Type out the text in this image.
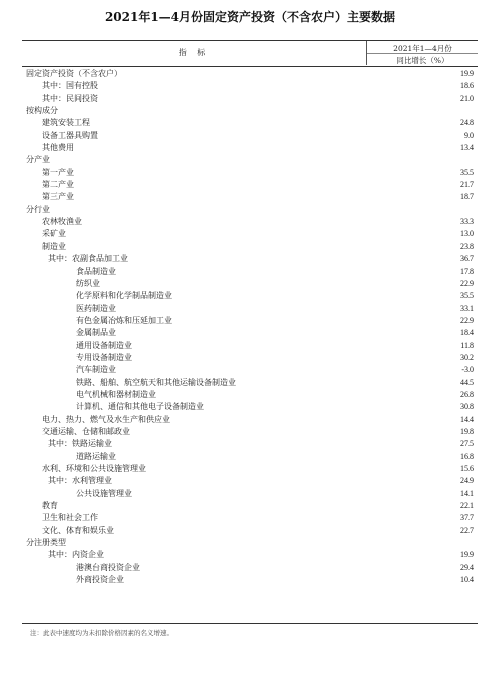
2021年1—4月份固定资产投资（不含农户）主要数据
指 标	2021年1—4月份
同比增长（%）
固定资产投资（不含农户）	19.9
其中：国有控股	18.6
其中：民间投资	21.0
按构成分
建筑安装工程	24.8
设备工器具购置	9.0
其他费用	13.4
分产业
第一产业	35.5
第二产业	21.7
第三产业	18.7
分行业
农林牧渔业	33.3
采矿业	13.0
制造业	23.8
其中：农副食品加工业	36.7
食品制造业	17.8
纺织业	22.9
化学原料和化学制品制造业	35.5
医药制造业	33.1
有色金属冶炼和压延加工业	22.9
金属制品业	18.4
通用设备制造业	11.8
专用设备制造业	30.2
汽车制造业	-3.0
铁路、船舶、航空航天和其他运输设备制造业	44.5
电气机械和器材制造业	26.8
计算机、通信和其他电子设备制造业	30.8
电力、热力、燃气及水生产和供应业	14.4
交通运输、仓储和邮政业	19.8
其中：铁路运输业	27.5
道路运输业	16.8
水利、环境和公共设施管理业	15.6
其中：水利管理业	24.9
公共设施管理业	14.1
教育	22.1
卫生和社会工作	37.7
文化、体育和娱乐业	22.7
分注册类型
其中：内资企业	19.9
港澳台商投资企业	29.4
外商投资企业	10.4
注：此表中速度均为未扣除价格因素的名义增速。
